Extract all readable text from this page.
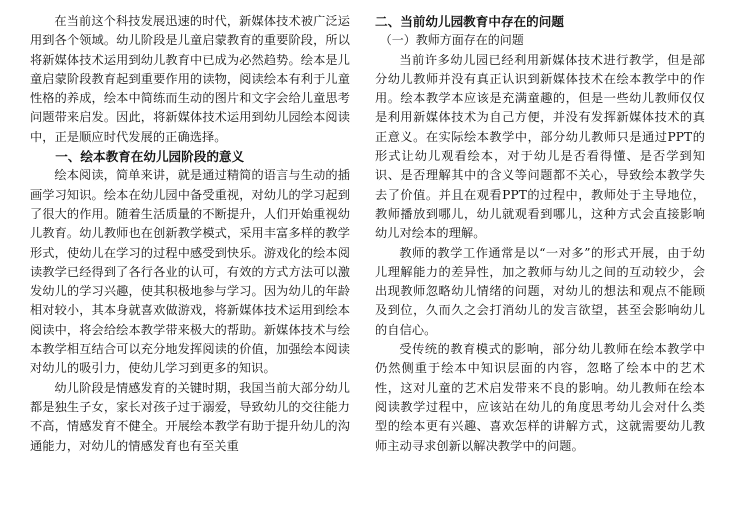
在当前这个科技发展迅速的时代，新媒体技术被广泛运用到各个领域。幼儿阶段是儿童启蒙教育的重要阶段，所以将新媒体技术运用到幼儿教育中已成为必然趋势。绘本是儿童启蒙阶段教育起到重要作用的读物，阅读绘本有利于儿童性格的养成，绘本中简练而生动的图片和文字会给儿童思考问题带来启发。因此，将新媒体技术运用到幼儿园绘本阅读中，正是顺应时代发展的正确选择。

一、绘本教育在幼儿园阶段的意义

绘本阅读，简单来讲，就是通过精简的语言与生动的插画学习知识。绘本在幼儿园中备受重视，对幼儿的学习起到了很大的作用。随着生活质量的不断提升，人们开始重视幼儿教育。幼儿教师也在创新教学模式，采用丰富多样的教学形式，使幼儿在学习的过程中感受到快乐。游戏化的绘本阅读教学已经得到了各行各业的认可，有效的方式方法可以激发幼儿的学习兴趣，使其积极地参与学习。因为幼儿的年龄相对较小，其本身就喜欢做游戏，将新媒体技术运用到绘本阅读中，将会给绘本教学带来极大的帮助。新媒体技术与绘本教学相互结合可以充分地发挥阅读的价值，加强绘本阅读对幼儿的吸引力，使幼儿学习到更多的知识。

幼儿阶段是情感发育的关键时期，我国当前大部分幼儿都是独生子女，家长对孩子过于溺爱，导致幼儿的交往能力不高，情感发育不健全。开展绘本教学有助于提升幼儿的沟通能力，对幼儿的情感发育也有至关重

二、当前幼儿园教育中存在的问题
（一）教师方面存在的问题

当前许多幼儿园已经利用新媒体技术进行教学，但是部分幼儿教师并没有真正认识到新媒体技术在绘本教学中的作用。绘本教学本应该是充满童趣的，但是一些幼儿教师仅仅是利用新媒体技术为自己方便，并没有发挥新媒体技术的真正意义。在实际绘本教学中，部分幼儿教师只是通过PPT的形式让幼儿观看绘本，对于幼儿是否看得懂、是否学到知识、是否理解其中的含义等问题都不关心，导致绘本教学失去了价值。并且在观看PPT的过程中，教师处于主导地位，教师播放到哪儿，幼儿就观看到哪儿，这种方式会直接影响幼儿对绘本的理解。

教师的教学工作通常是以“一对多”的形式开展，由于幼儿理解能力的差异性，加之教师与幼儿之间的互动较少，会出现教师忽略幼儿情绪的问题，对幼儿的想法和观点不能顾及到位，久而久之会打消幼儿的发言欲望，甚至会影响幼儿的自信心。

受传统的教育模式的影响，部分幼儿教师在绘本教学中仍然侧重于绘本中知识层面的内容，忽略了绘本中的艺术性，这对儿童的艺术启发带来不良的影响。幼儿教师在绘本阅读教学过程中，应该站在幼儿的角度思考幼儿会对什么类型的绘本更有兴趣、喜欢怎样的讲解方式，这就需要幼儿教师主动寻求创新以解决教学中的问题。
